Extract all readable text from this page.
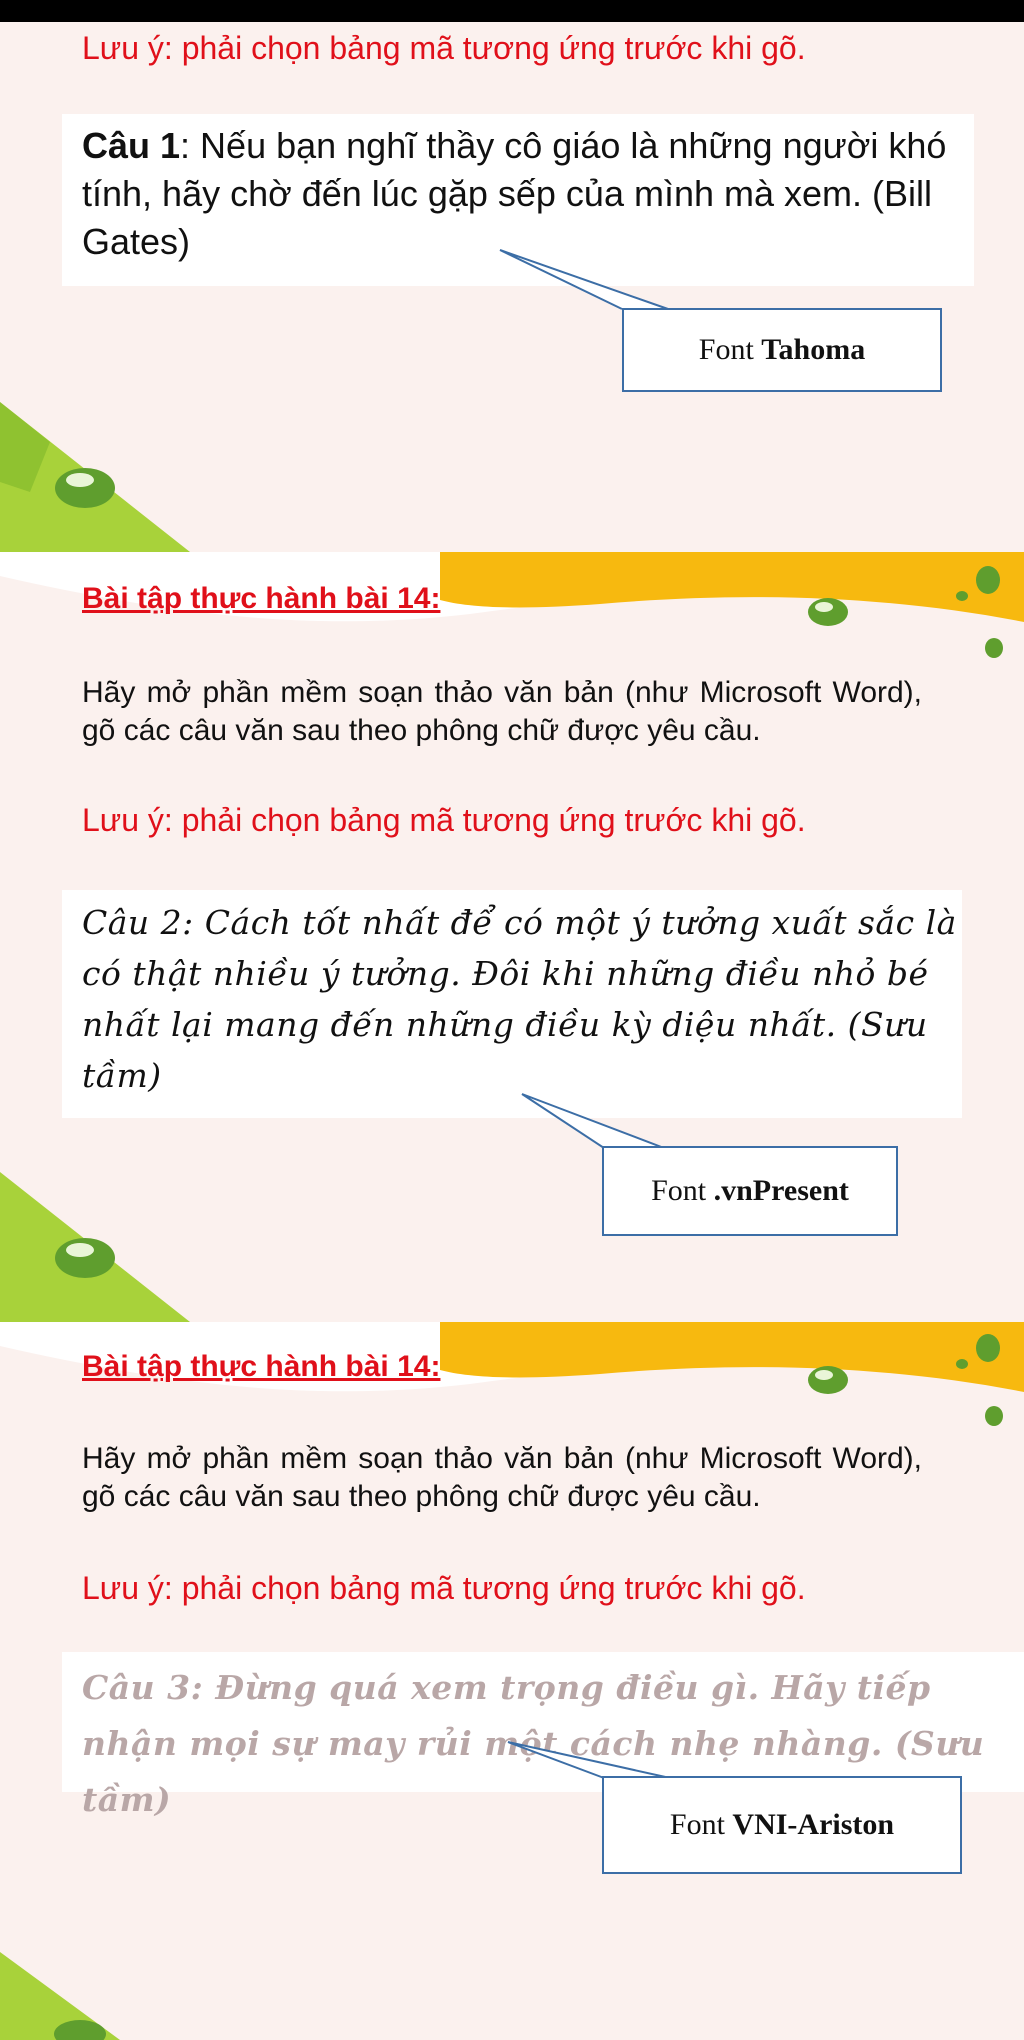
Lưu ý: phải chọn bảng mã tương ứng trước khi gõ.
Câu 1: Nếu bạn nghĩ thầy cô giáo là những người khó tính, hãy chờ đến lúc gặp sếp của mình mà xem. (Bill Gates)
Font
Tahoma
Bài tập thực hành bài 14:
Hãy mở phần mềm soạn thảo văn bản (như Microsoft Word), gõ các câu văn sau theo phông chữ được yêu cầu.
Lưu ý: phải chọn bảng mã tương ứng trước khi gõ.
Câu 2: Cách tốt nhất để có một ý tưởng xuất sắc là có thật nhiều ý tưởng. Đôi khi những điều nhỏ bé nhất lại mang đến những điều kỳ diệu nhất. (Sưu tầm)
Font
.vnPresent
Bài tập thực hành bài 14:
Hãy mở phần mềm soạn thảo văn bản (như Microsoft Word), gõ các câu văn sau theo phông chữ được yêu cầu.
Lưu ý: phải chọn bảng mã tương ứng trước khi gõ.
Câu 3: Đừng quá xem trọng điều gì. Hãy tiếp nhận mọi sự may rủi một cách nhẹ nhàng. (Sưu tầm)
Font
VNI-Ariston
